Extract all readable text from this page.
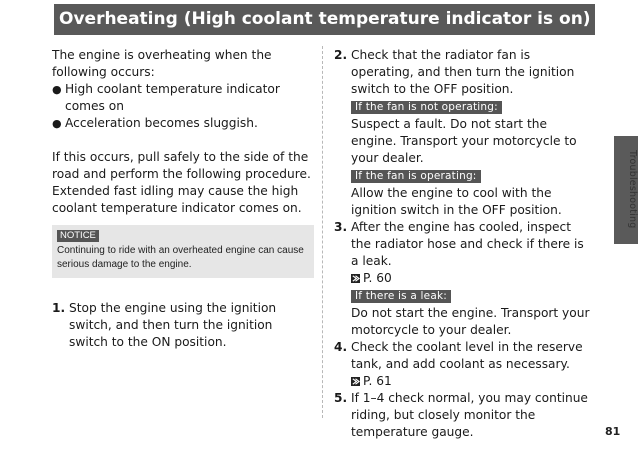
Overheating (High coolant temperature indicator is on)

The engine is overheating when the following occurs:

● High coolant temperature indicator comes on
● Acceleration becomes sluggish.

If this occurs, pull safely to the side of the road and perform the following procedure. Extended fast idling may cause the high coolant temperature indicator comes on.

NOTICE
Continuing to ride with an overheated engine can cause serious damage to the engine.
1. Stop the engine using the ignition switch, and then turn the ignition switch to the ON position.
2. Check that the radiator fan is operating, and then turn the ignition switch to the OFF position.

If the fan is not operating:

Suspect a fault. Do not start the engine. Transport your motorcycle to your dealer.

If the fan is operating:

Allow the engine to cool with the ignition switch in the OFF position.

3. After the engine has cooled, inspect the radiator hose and check if there is a leak.

P. 60
If there is a leak:

Do not start the engine. Transport your motorcycle to your dealer.

4. Check the coolant level in the reserve tank, and add coolant as necessary.

P. 61
5. If 1–4 check normal, you may continue riding, but closely monitor the temperature gauge.
Troubleshooting
81
